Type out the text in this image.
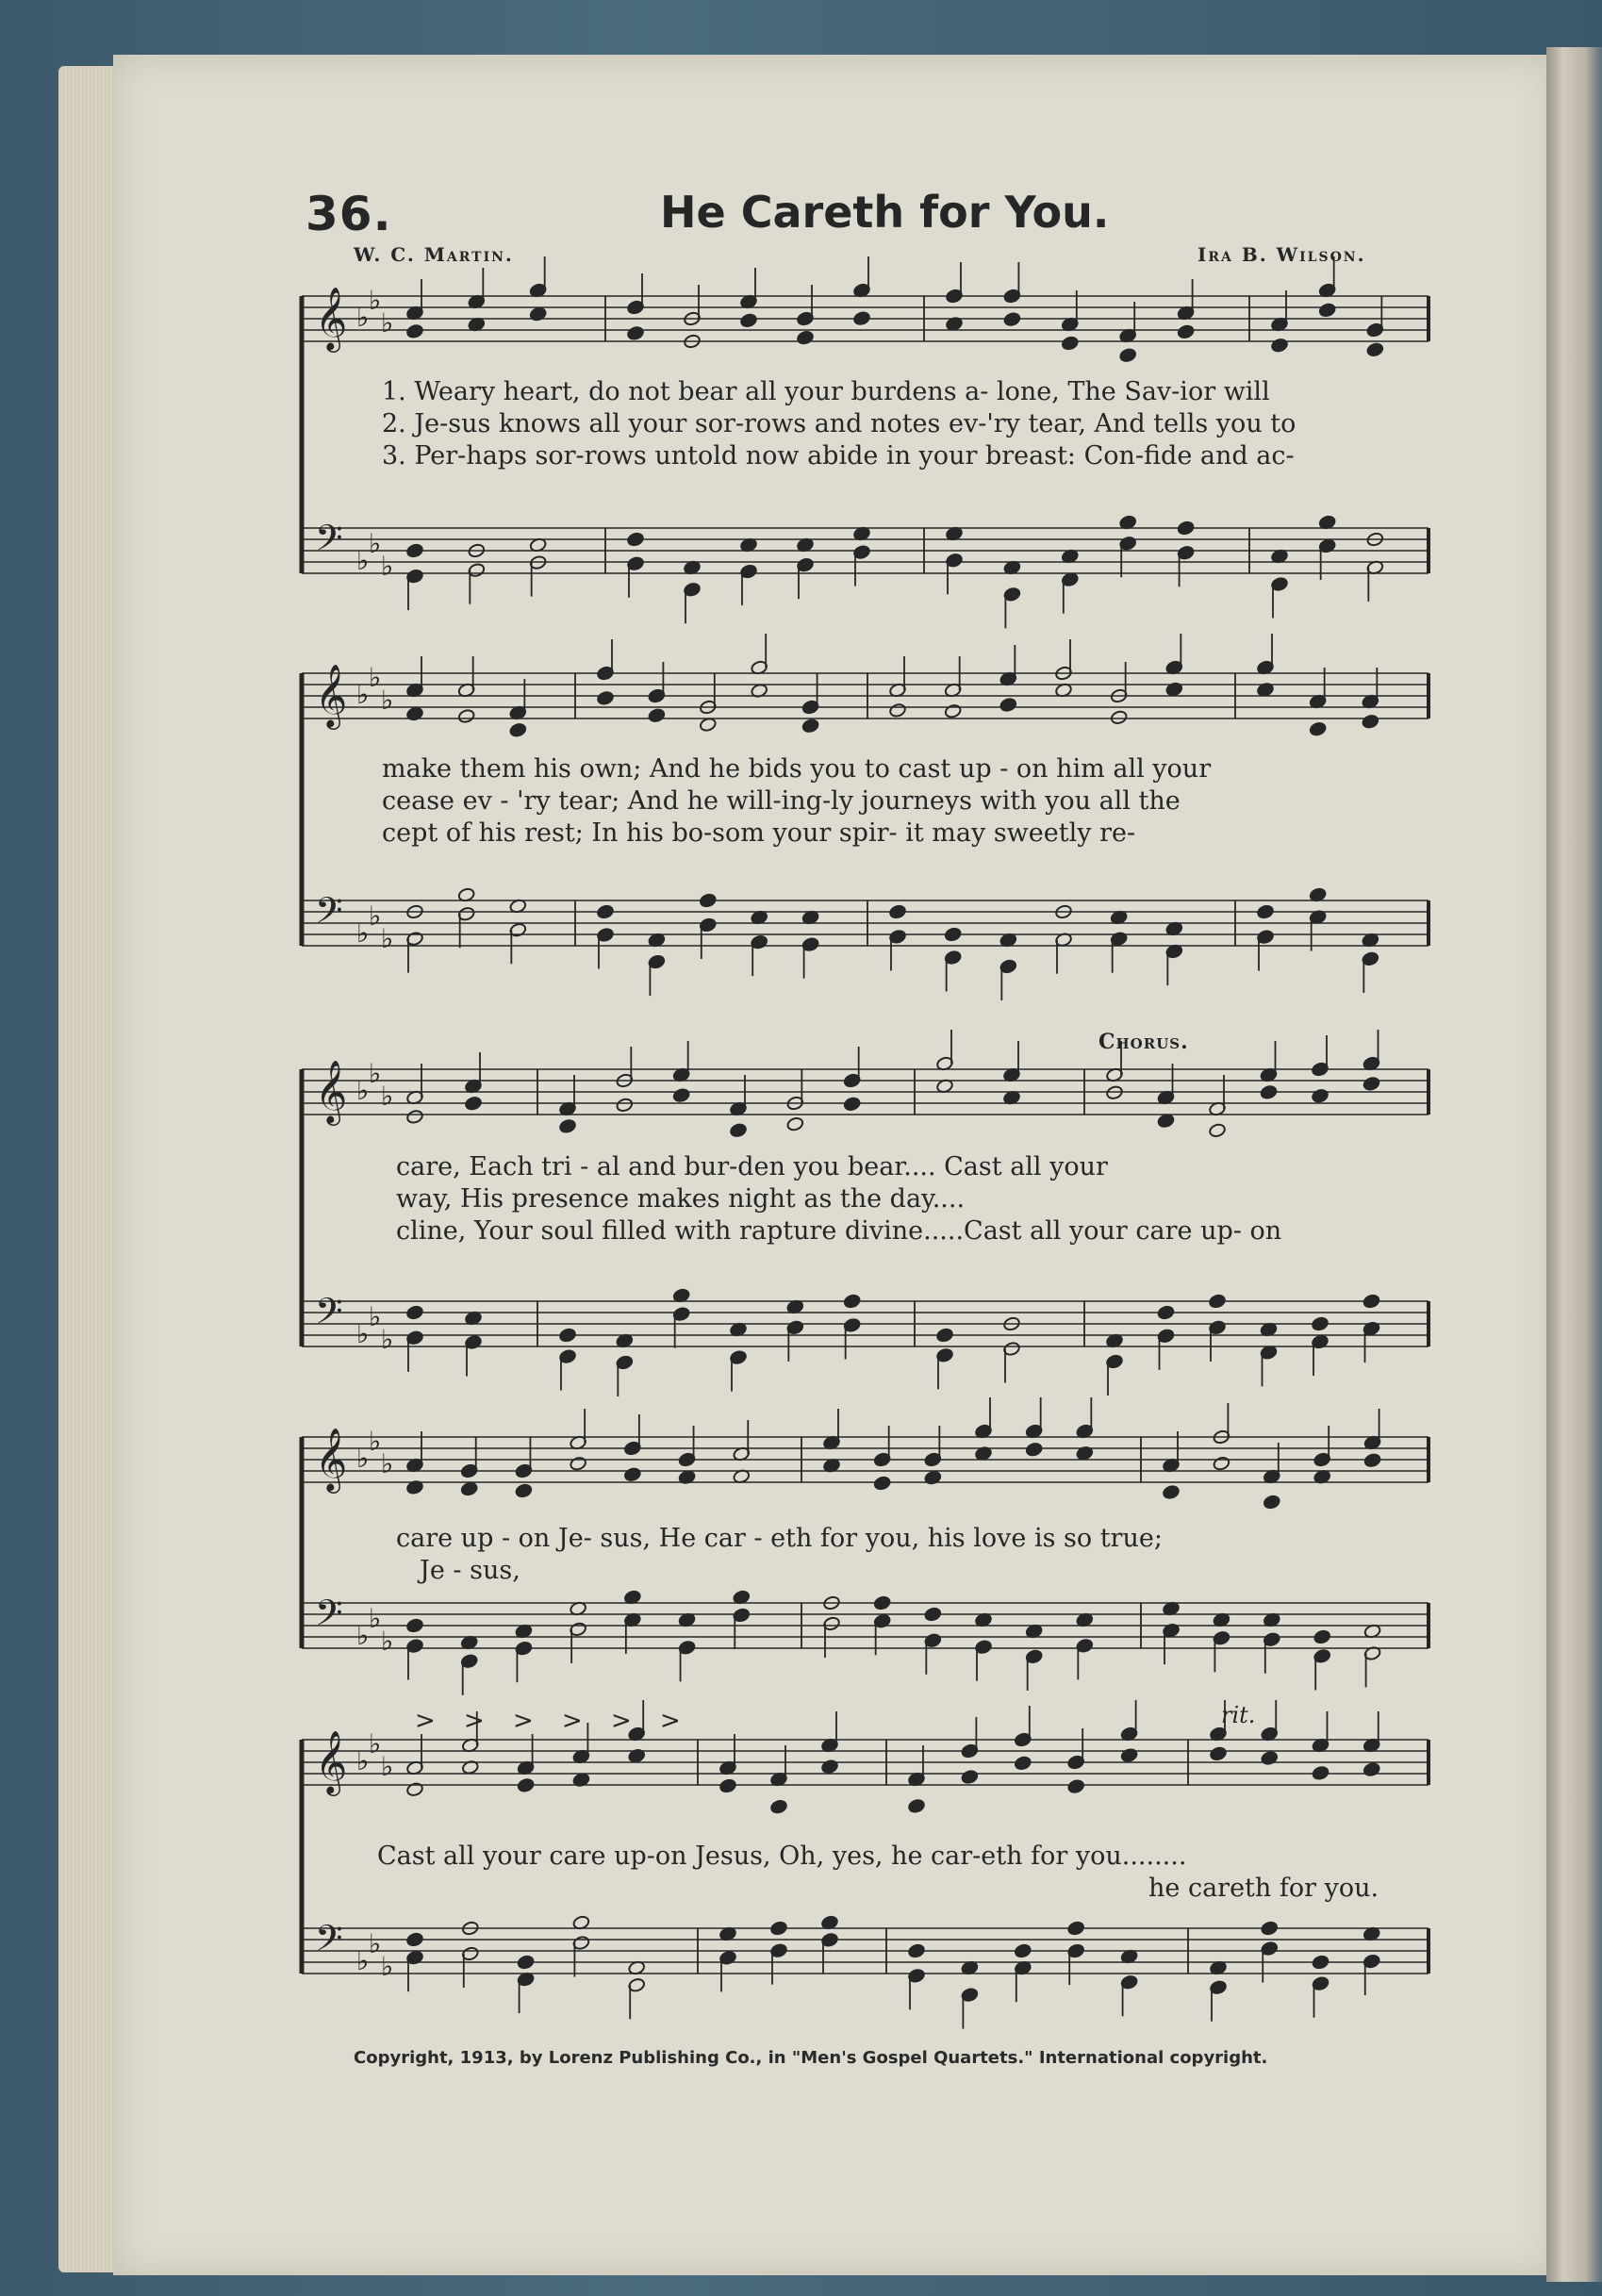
36.	He Careth for You.
W. C. Martin.	Ira B. Wilson.
𝄞 ♭
♭
♭
𝄢 ♭
♭
♭
1. Weary heart, do not bear all your burdens a- lone, The Sav-ior will
2. Je-sus knows all your sor-rows and notes ev-'ry tear, And tells you to
3. Per-haps sor-rows untold now abide in your breast: Con-fide and ac-
𝄞 ♭
♭
♭
𝄢 ♭
♭
♭
make them his own; And he bids you to cast up - on him all your
cease ev - 'ry tear; And he will-ing-ly journeys with you all the
cept of his rest; In his bo-som your spir- it may sweetly re-
Chorus.
𝄞 ♭
♭
♭
𝄢 ♭
♭
♭
care, Each tri - al and bur-den you bear.... Cast all your
way, His presence makes night as the day....
cline, Your soul filled with rapture divine.....Cast all your care up- on
𝄞 ♭
♭
♭
𝄢 ♭
♭
♭
care up - on Je- sus, He car - eth for you, his love is so true;
Je - sus,
rit.
𝄞 ♭
♭
♭
𝄢 ♭
♭
♭
> > > > > >
Cast all your care up-on Jesus, Oh, yes, he car-eth for you........
he careth for you.
Copyright, 1913, by Lorenz Publishing Co., in "Men's Gospel Quartets." International copyright.
